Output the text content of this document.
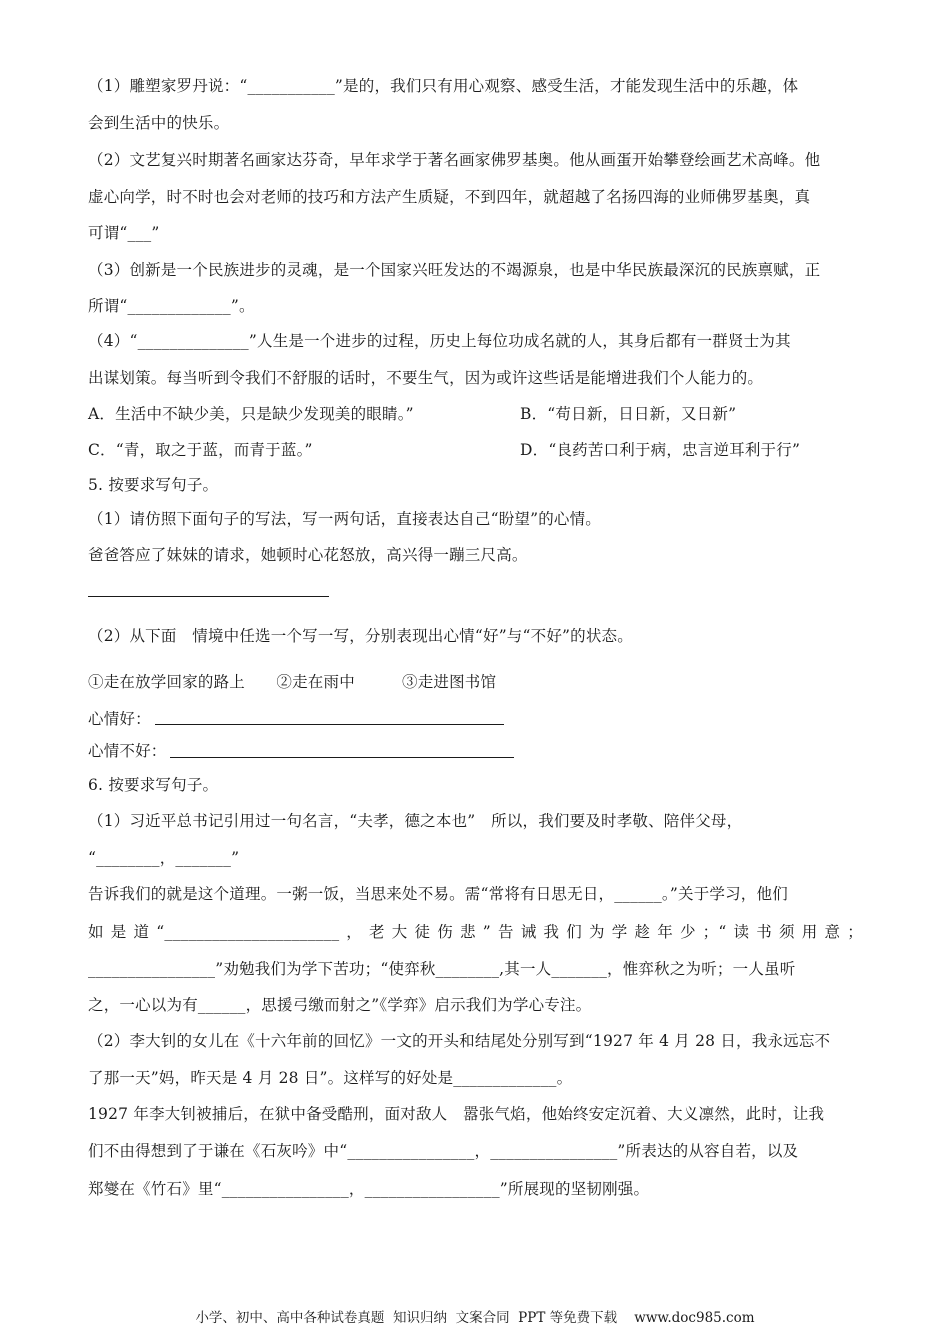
（1）雕塑家罗丹说：“___________”是的，我们只有用心观察、感受生活，才能发现生活中的乐趣，体
会到生活中的快乐。
（2）文艺复兴时期著名画家达芬奇，早年求学于著名画家佛罗基奥。他从画蛋开始攀登绘画艺术高峰。他
虚心向学，时不时也会对老师的技巧和方法产生质疑，不到四年，就超越了名扬四海的业师佛罗基奥，真
可谓“___”
（3）创新是一个民族进步的灵魂，是一个国家兴旺发达的不竭源泉，也是中华民族最深沉的民族禀赋，正
所谓“_____________”。
（4）“______________”人生是一个进步的过程，历史上每位功成名就的人，其身后都有一群贤士为其
出谋划策。每当听到令我们不舒服的话时，不要生气，因为或许这些话是能增进我们个人能力的。
A．生活中不缺少美，只是缺少发现美的眼睛。”	B．“苟日新，日日新，又日新”
C．“青，取之于蓝，而青于蓝。”	D．“良药苦口利于病，忠言逆耳利于行”
5. 按要求写句子。
（1）请仿照下面句子的写法，写一两句话，直接表达自己“盼望”的心情。
爸爸答应了妹妹的请求，她顿时心花怒放，高兴得一蹦三尺高。
（2）从下面　情境中任选一个写一写，分别表现出心情“好”与“不好”的状态。
①走在放学回家的路上　　②走在雨中　　　③走进图书馆
心情好：
心情不好：
6. 按要求写句子。
（1）习近平总书记引用过一句名言，“夫孝，德之本也”　所以，我们要及时孝敬、陪伴父母，
“________，_______”
告诉我们的就是这个道理。一粥一饭，当思来处不易。需“常将有日思无日，______。”关于学习，他们
如是道“______________________，老大徒伤悲”告诫我们为学趁年少；“读书须用意；
________________”劝勉我们为学下苦功；“使弈秋________,其一人_______，惟弈秋之为听；一人虽听
之，一心以为有______，思援弓缴而射之”《学弈》启示我们为学心专注。
（2）李大钊的女儿在《十六年前的回忆》一文的开头和结尾处分别写到“1927 年 4 月 28 日，我永远忘不
了那一天”妈，昨天是 4 月 28 日”。这样写的好处是_____________。
1927 年李大钊被捕后，在狱中备受酷刑，面对敌人　嚣张气焰，他始终安定沉着、大义凛然，此时，让我
们不由得想到了于谦在《石灰吟》中“________________，________________”所表达的从容自若，以及
郑燮在《竹石》里“________________，_________________”所展现的坚韧刚强。
小学、初中、高中各种试卷真题  知识归纳  文案合同  PPT 等免费下载    www.doc985.com
